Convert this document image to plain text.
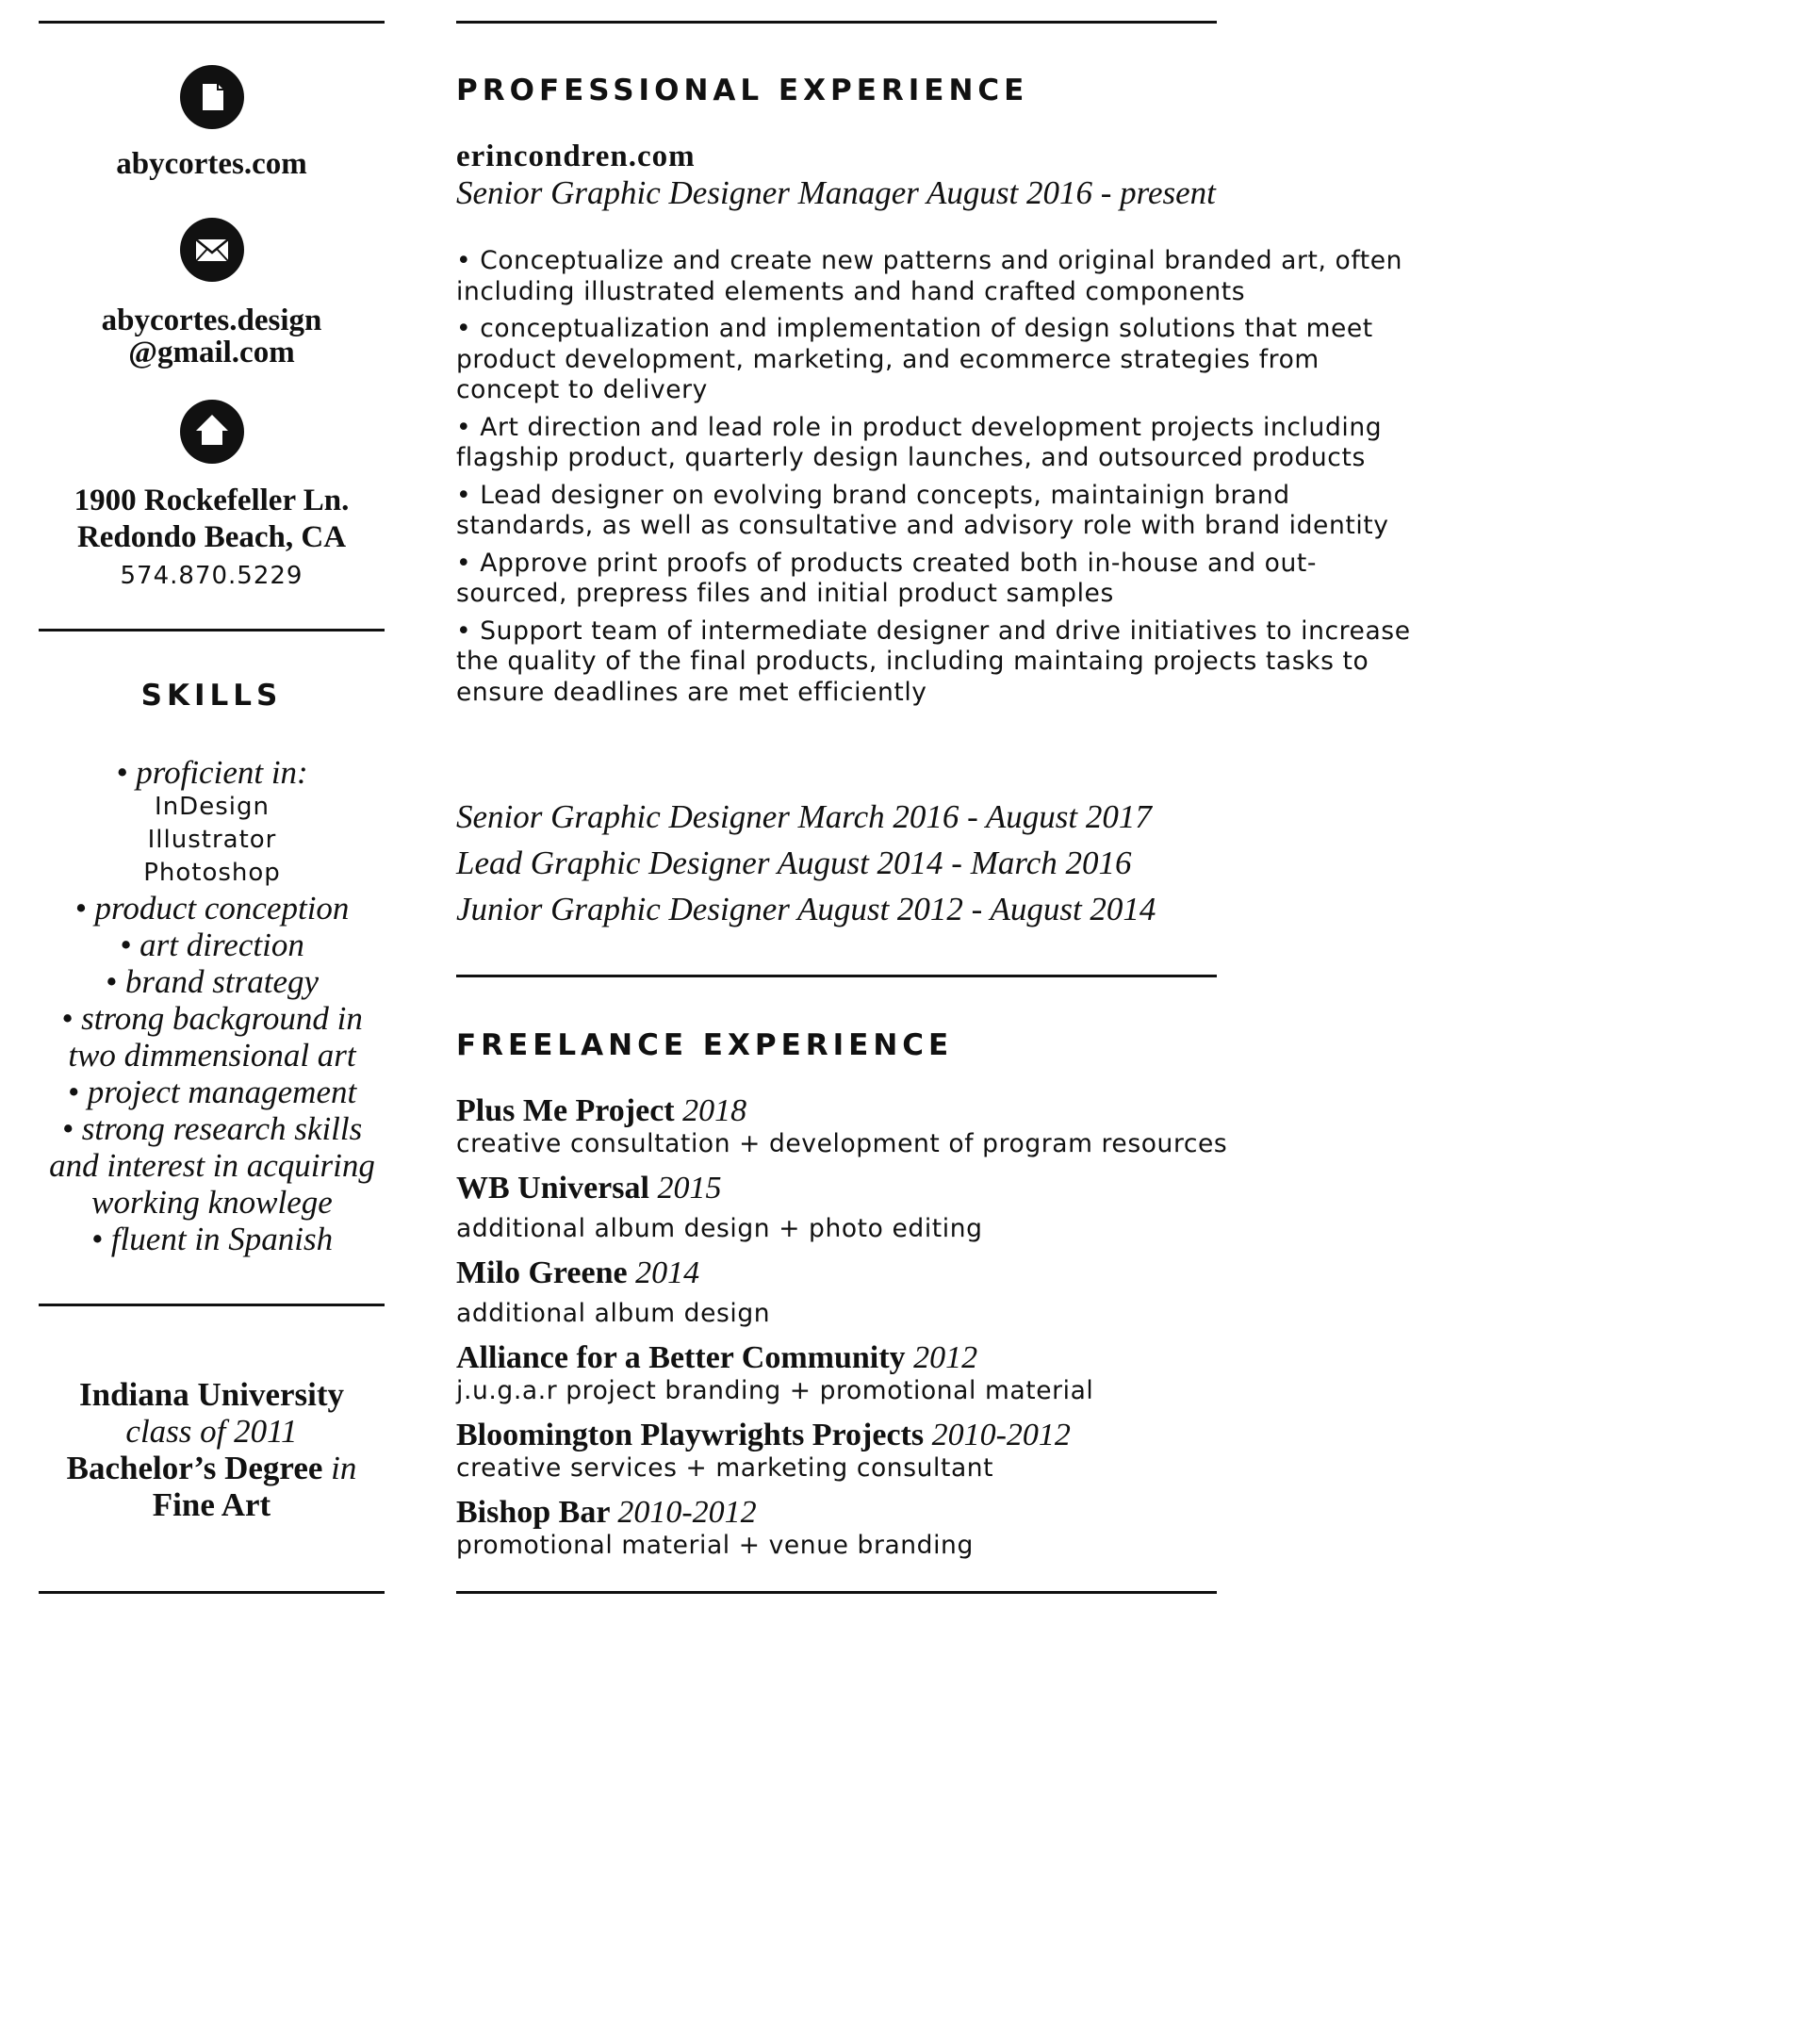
abycortes.com
abycortes.design
@gmail.com
1900 Rockefeller Ln.
Redondo Beach, CA
574.870.5229
SKILLS
• proficient in:
InDesign
Illustrator
Photoshop
• product conception
• art direction
• brand strategy
• strong background in
two dimmensional art
• project management
• strong research skills
and interest in acquiring
working knowlege
• fluent in Spanish
Indiana University
class of 2011
Bachelor’s Degree in
Fine Art
PROFESSIONAL EXPERIENCE
erincondren.com
Senior Graphic Designer Manager August 2016 - present
• Conceptualize and create new patterns and original branded art, often including illustrated elements and hand crafted components
• conceptualization and implementation of design solutions that meet product development, marketing, and ecommerce strategies from concept to delivery
• Art direction and lead role in product development projects including flagship product, quarterly design launches, and outsourced products
• Lead designer on evolving brand concepts, maintainign brand standards, as well as consultative and advisory role with brand identity
• Approve print proofs of products created both in-house and out-sourced, prepress files and initial product samples
• Support team of intermediate designer and drive initiatives to increase the quality of the final products, including maintaing projects tasks to ensure deadlines are met efficiently
Senior Graphic Designer March 2016 - August 2017
Lead Graphic Designer August 2014 - March 2016
Junior Graphic Designer August 2012 - August 2014
FREELANCE EXPERIENCE
Plus Me Project 2018
creative consultation + development of program resources
WB Universal 2015
additional album design + photo editing
Milo Greene 2014
additional album design
Alliance for a Better Community 2012
j.u.g.a.r project branding + promotional material
Bloomington Playwrights Projects 2010-2012
creative services + marketing consultant
Bishop Bar 2010-2012
promotional material + venue branding
